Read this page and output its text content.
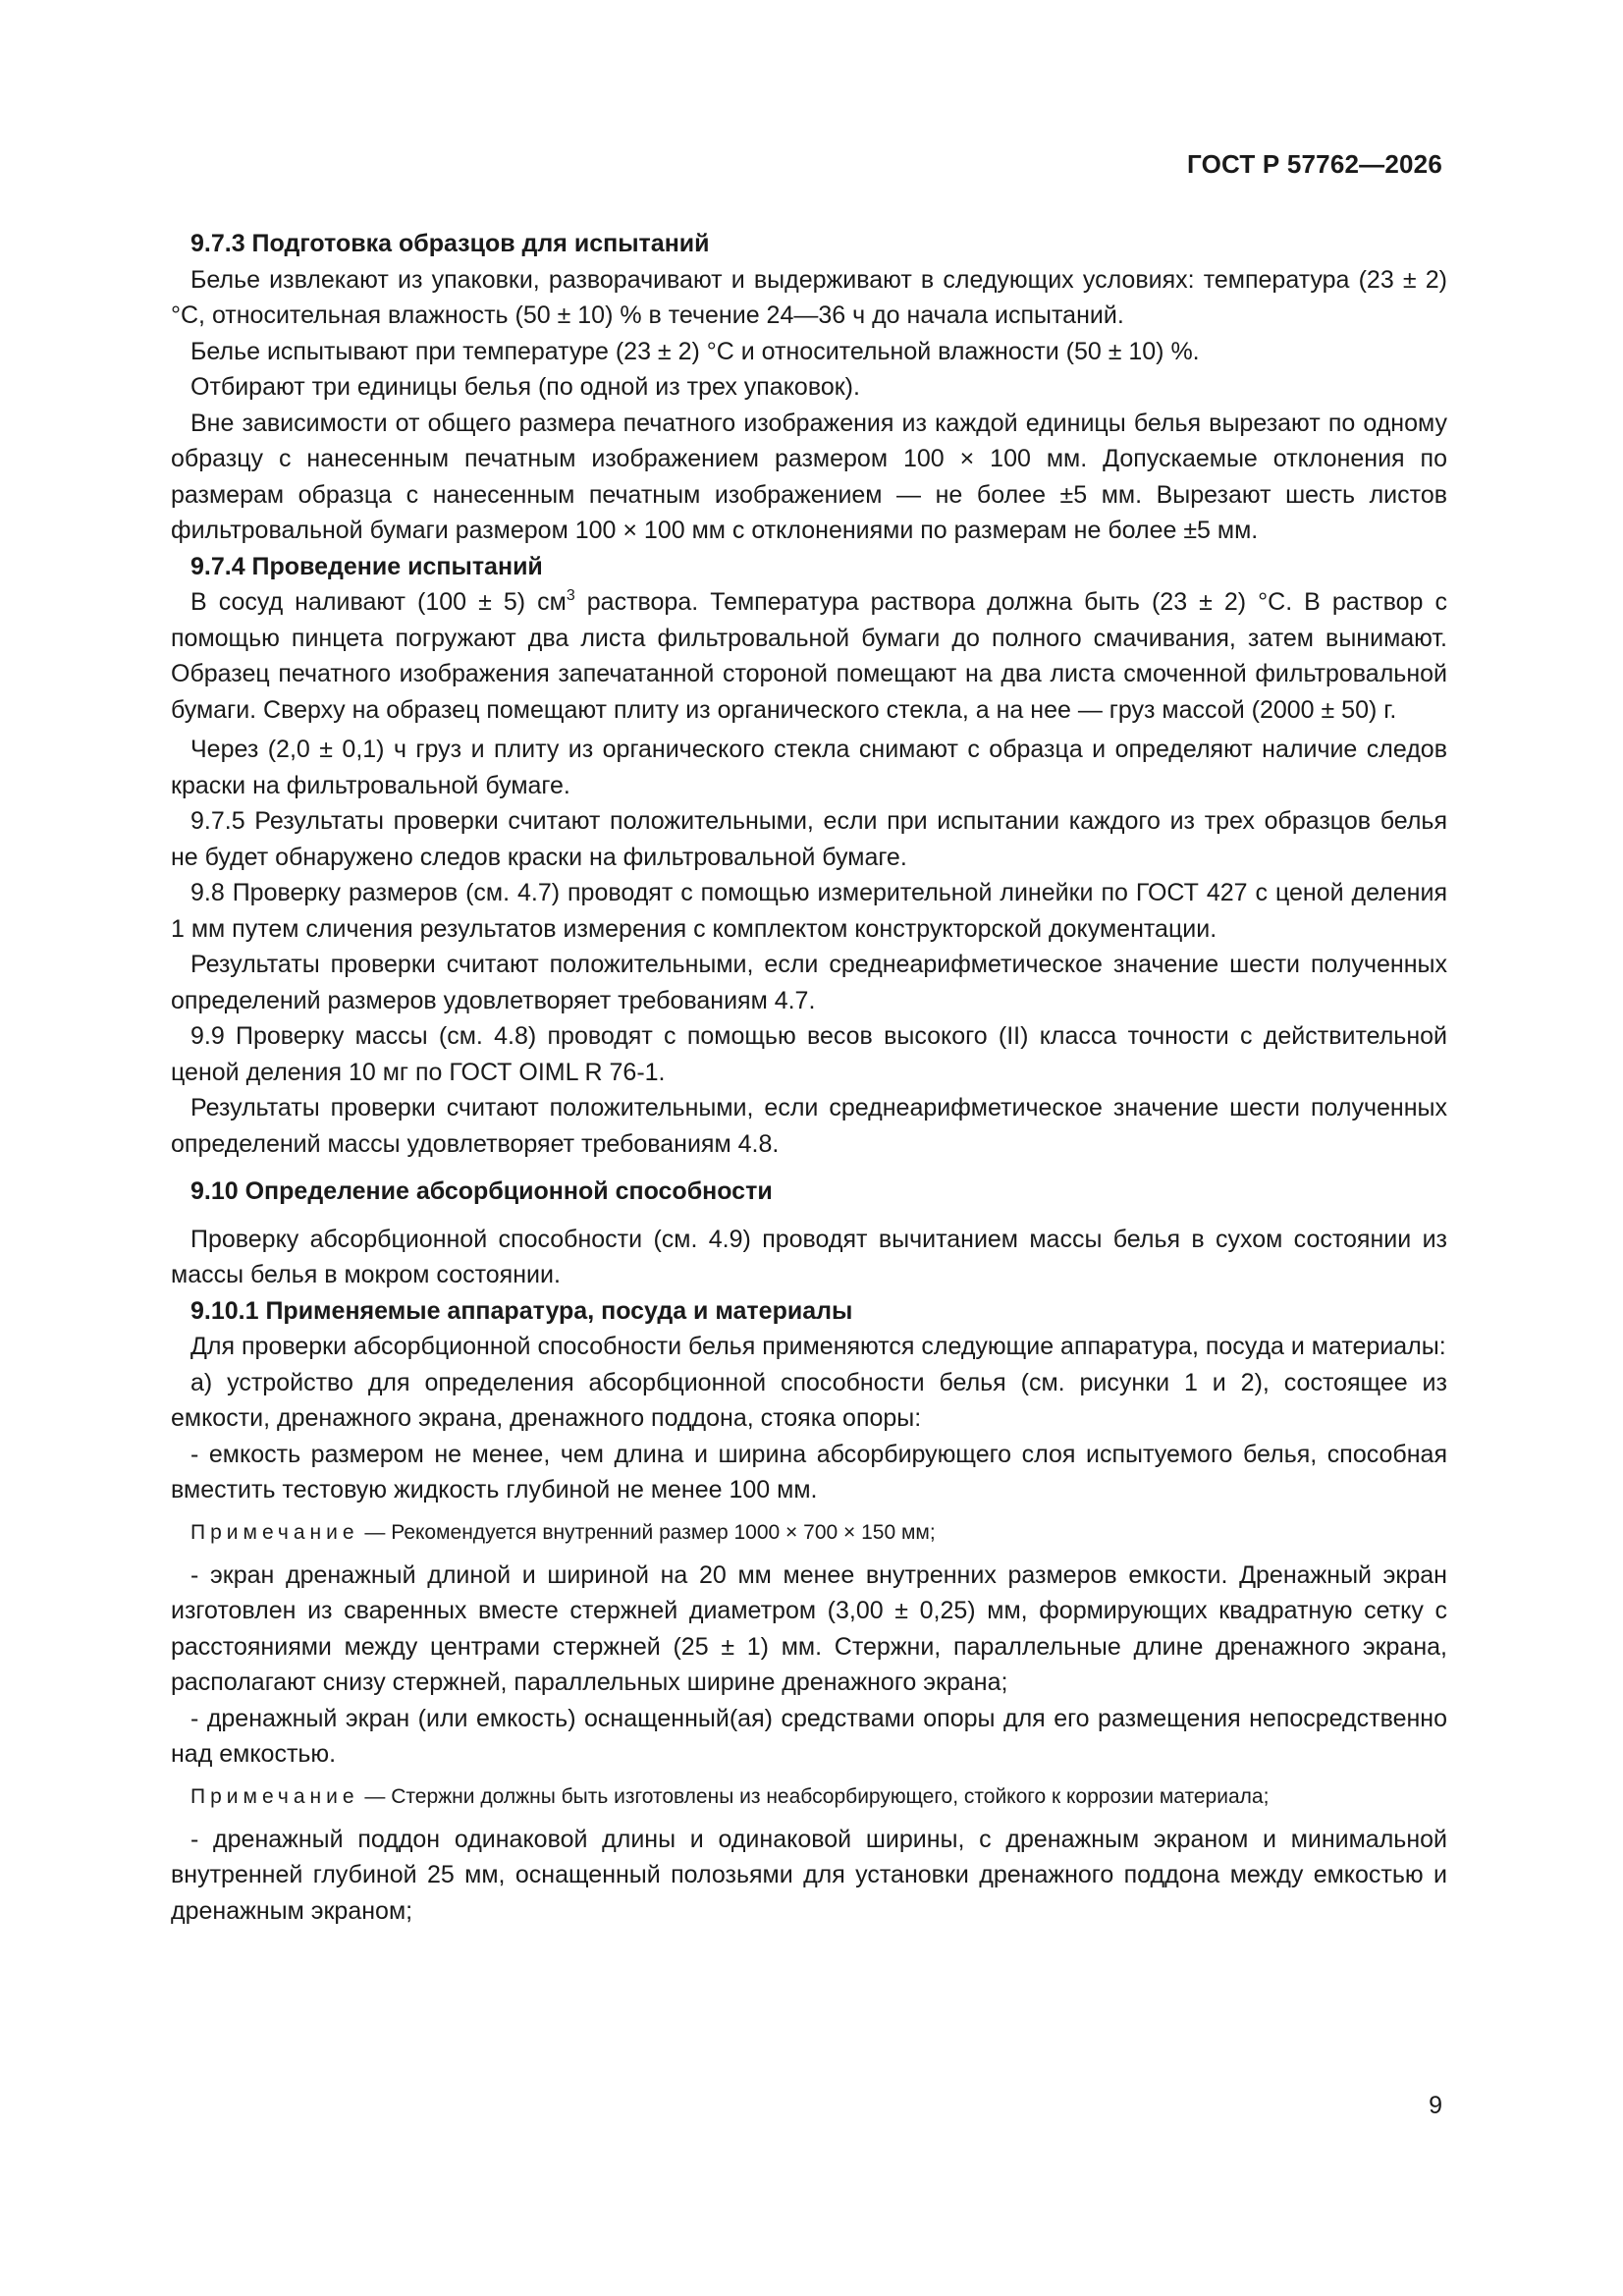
ГОСТ Р 57762—2026

9.7.3 Подготовка образцов для испытаний

Белье извлекают из упаковки, разворачивают и выдерживают в следующих условиях: температура (23 ± 2) °С, относительная влажность (50 ± 10) % в течение 24—36 ч до начала испытаний.

Белье испытывают при температуре (23 ± 2) °С и относительной влажности (50 ± 10) %.

Отбирают три единицы белья (по одной из трех упаковок).

Вне зависимости от общего размера печатного изображения из каждой единицы белья вырезают по одному образцу с нанесенным печатным изображением размером 100 × 100 мм. Допускаемые отклонения по размерам образца с нанесенным печатным изображением — не более ±5 мм. Вырезают шесть листов фильтровальной бумаги размером 100 × 100 мм с отклонениями по размерам не более ±5 мм.

9.7.4 Проведение испытаний

В сосуд наливают (100 ± 5) $см^3$ раствора. Температура раствора должна быть (23 ± 2) °С. В раствор с помощью пинцета погружают два листа фильтровальной бумаги до полного смачивания, затем вынимают. Образец печатного изображения запечатанной стороной помещают на два листа смоченной фильтровальной бумаги. Сверху на образец помещают плиту из органического стекла, а на нее — груз массой (2000 ± 50) г.

Через (2,0 ± 0,1) ч груз и плиту из органического стекла снимают с образца и определяют наличие следов краски на фильтровальной бумаге.

9.7.5 Результаты проверки считают положительными, если при испытании каждого из трех образцов белья не будет обнаружено следов краски на фильтровальной бумаге.

9.8 Проверку размеров (см. 4.7) проводят с помощью измерительной линейки по ГОСТ 427 с ценой деления 1 мм путем сличения результатов измерения с комплектом конструкторской документации.

Результаты проверки считают положительными, если среднеарифметическое значение шести полученных определений размеров удовлетворяет требованиям 4.7.

9.9 Проверку массы (см. 4.8) проводят с помощью весов высокого (II) класса точности с действительной ценой деления 10 мг по ГОСТ OIML R 76-1.

Результаты проверки считают положительными, если среднеарифметическое значение шести полученных определений массы удовлетворяет требованиям 4.8.

9.10 Определение абсорбционной способности

Проверку абсорбционной способности (см. 4.9) проводят вычитанием массы белья в сухом состоянии из массы белья в мокром состоянии.

9.10.1 Применяемые аппаратура, посуда и материалы

Для проверки абсорбционной способности белья применяются следующие аппаратура, посуда и материалы:

а) устройство для определения абсорбционной способности белья (см. рисунки 1 и 2), состоящее из емкости, дренажного экрана, дренажного поддона, стояка опоры:

- емкость размером не менее, чем длина и ширина абсорбирующего слоя испытуемого белья, способная вместить тестовую жидкость глубиной не менее 100 мм.

Примечание — Рекомендуется внутренний размер 1000 × 700 × 150 мм;

- экран дренажный длиной и шириной на 20 мм менее внутренних размеров емкости. Дренажный экран изготовлен из сваренных вместе стержней диаметром (3,00 ± 0,25) мм, формирующих квадратную сетку с расстояниями между центрами стержней (25 ± 1) мм. Стержни, параллельные длине дренажного экрана, располагают снизу стержней, параллельных ширине дренажного экрана;

- дренажный экран (или емкость) оснащенный(ая) средствами опоры для его размещения непосредственно над емкостью.

Примечание — Стержни должны быть изготовлены из неабсорбирующего, стойкого к коррозии материала;

- дренажный поддон одинаковой длины и одинаковой ширины, с дренажным экраном и минимальной внутренней глубиной 25 мм, оснащенный полозьями для установки дренажного поддона между емкостью и дренажным экраном;

9
